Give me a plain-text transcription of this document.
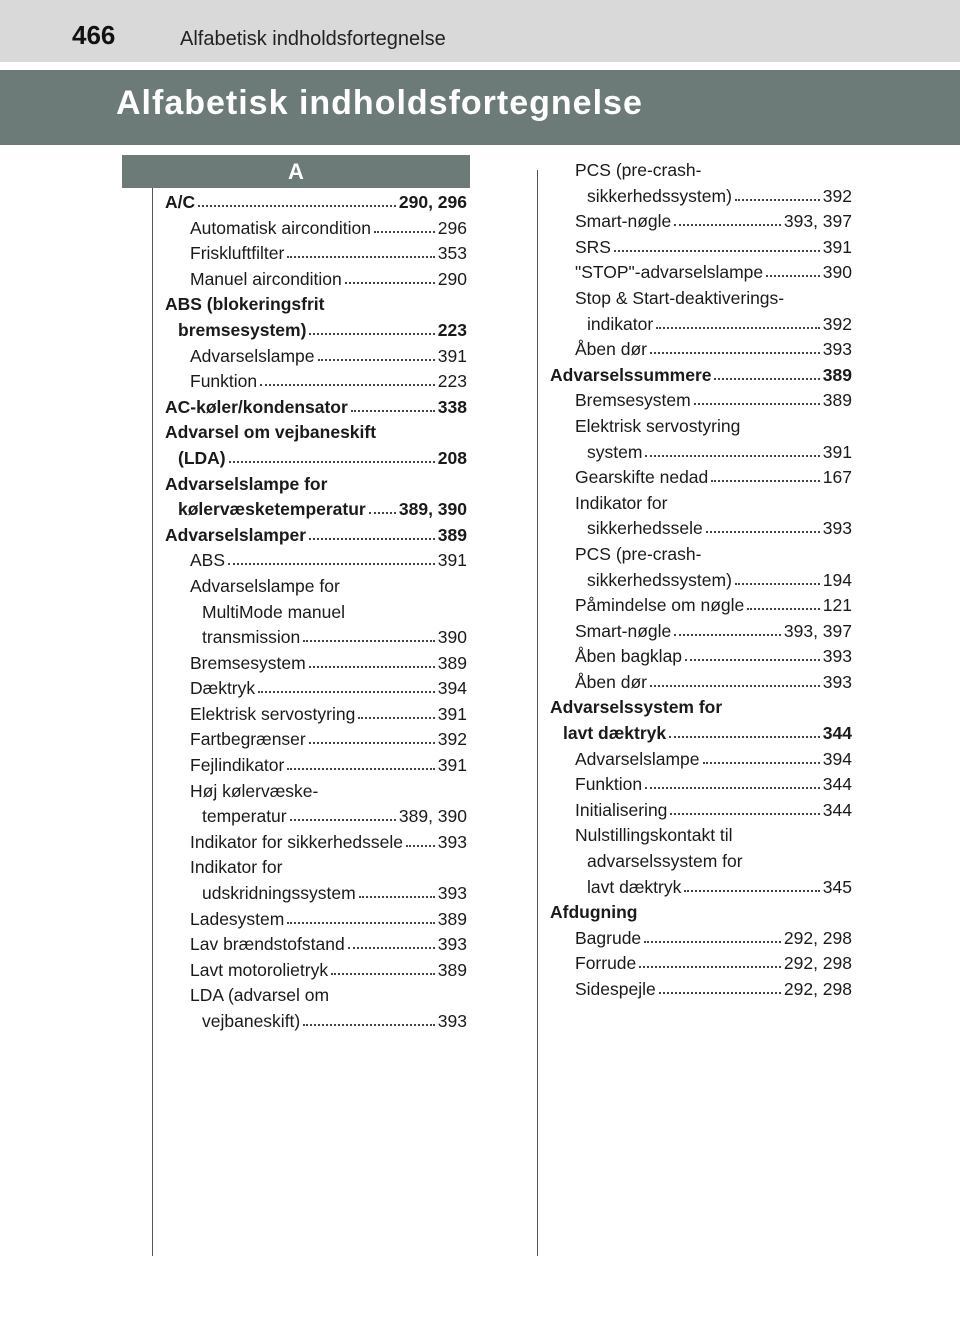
466	Alfabetisk indholdsfortegnelse
Alfabetisk indholdsfortegnelse
A
A/C	290, 296
Automatisk aircondition	296
Friskluftfilter	353
Manuel aircondition	290
ABS (blokeringsfrit
bremsesystem)	223
Advarselslampe	391
Funktion	223
AC-køler/kondensator	338
Advarsel om vejbaneskift
(LDA)	208
Advarselslampe for
kølervæsketemperatur 389, 390
Advarselslamper	389
ABS	391
Advarselslampe for
MultiMode manuel
transmission	390
Bremsesystem	389
Dæktryk	394
Elektrisk servostyring	391
Fartbegrænser	392
Fejlindikator	391
Høj kølervæske-
temperatur	389, 390
Indikator for sikkerhedssele 393
Indikator for
udskridningssystem	393
Ladesystem	389
Lav brændstofstand	393
Lavt motorolietryk	389
LDA (advarsel om
vejbaneskift)	393
PCS (pre-crash-
sikkerhedssystem)	392
Smart-nøgle	393, 397
SRS	391
"STOP"-advarselslampe	390
Stop & Start-deaktiverings-
indikator	392
Åben dør	393
Advarselssummere	389
Bremsesystem	389
Elektrisk servostyring
system	391
Gearskifte nedad	167
Indikator for
sikkerhedssele	393
PCS (pre-crash-
sikkerhedssystem)	194
Påmindelse om nøgle	121
Smart-nøgle	393, 397
Åben bagklap	393
Åben dør	393
Advarselssystem for
lavt dæktryk	344
Advarselslampe	394
Funktion	344
Initialisering	344
Nulstillingskontakt til
advarselssystem for
lavt dæktryk	345
Afdugning
Bagrude	292, 298
Forrude	292, 298
Sidespejle	292, 298
